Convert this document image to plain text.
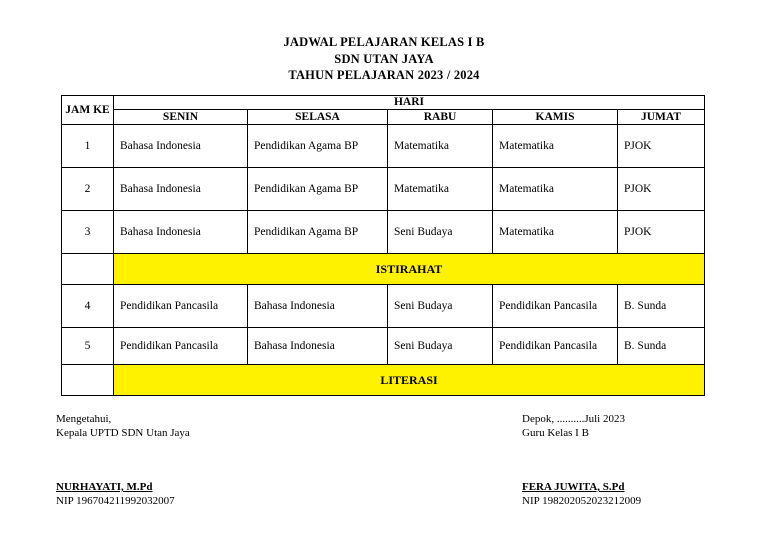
JADWAL PELAJARAN KELAS I B
SDN UTAN JAYA
TAHUN PELAJARAN 2023 / 2024
JAM KE	HARI				
	SENIN	SELASA	RABU	KAMIS	JUMAT
1	Bahasa Indonesia	Pendidikan Agama BP	Matematika	Matematika	PJOK
2	Bahasa Indonesia	Pendidikan Agama BP	Matematika	Matematika	PJOK
3	Bahasa Indonesia	Pendidikan Agama BP	Seni Budaya	Matematika	PJOK
	ISTIRAHAT				
4	Pendidikan Pancasila	Bahasa Indonesia	Seni Budaya	Pendidikan Pancasila	B. Sunda
5	Pendidikan Pancasila	Bahasa Indonesia	Seni Budaya	Pendidikan Pancasila	B. Sunda
	LITERASI				
Mengetahui,
Kepala UPTD SDN Utan Jaya
Depok, ..........Juli 2023
Guru Kelas I B
NURHAYATI, M.Pd
NIP 196704211992032007
FERA JUWITA, S.Pd
NIP 198202052023212009
